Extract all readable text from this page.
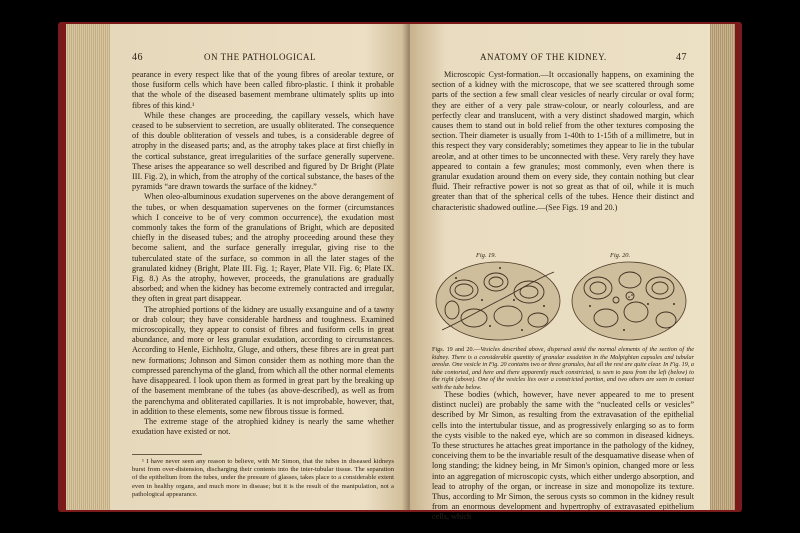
46	ON THE PATHOLOGICAL

pearance in every respect like that of the young fibres of areolar texture, or those fusiform cells which have been called fibro-plastic. I think it probable that the whole of the diseased basement membrane ultimately splits up into fibres of this kind.¹

While these changes are proceeding, the capillary vessels, which have ceased to be subservient to secretion, are usually obliterated. The consequence of this double obliteration of vessels and tubes, is a considerable degree of atrophy in the diseased parts; and, as the atrophy takes place at first chiefly in the cortical substance, great irregularities of the surface generally supervene. These arises the appearance so well described and figured by Dr Bright (Plate III. Fig. 2), in which, from the atrophy of the cortical substance, the bases of the pyramids “are drawn towards the surface of the kidney.”

When oleo-albuminous exudation supervenes on the above derangement of the tubes, or when desquamation supervenes on the former (circumstances which I conceive to be of very common occurrence), the exudation most commonly takes the form of the granulations of Bright, which are deposited chiefly in the diseased tubes; and the atrophy proceeding around these they become salient, and the surface generally irregular, giving rise to the tuberculated state of the surface, so common in all the later stages of the granulated kidney (Bright, Plate III. Fig. 1; Rayer, Plate VII. Fig. 6; Plate IX. Fig. 8.) As the atrophy, however, proceeds, the granulations are gradually absorbed; and when the kidney has become extremely contracted and irregular, they often in great part disappear.

The atrophied portions of the kidney are usually exsanguine and of a tawny or drab colour; they have considerable hardness and toughness. Examined microscopically, they appear to consist of fibres and fusiform cells in great abundance, and more or less granular exudation, according to circumstances. According to Henle, Eichholtz, Gluge, and others, these fibres are in great part new formations; Johnson and Simon consider them as nothing more than the compressed parenchyma of the gland, from which all the other normal elements have disappeared. I look upon them as formed in great part by the breaking up of the basement membrane of the tubes (as above-described), as well as from the parenchyma and obliterated capillaries. It is not improbable, however, that, in addition to these elements, some new fibrous tissue is formed.

The extreme stage of the atrophied kidney is nearly the same whether exudation have existed or not.

¹ I have never seen any reason to believe, with Mr Simon, that the tubes in diseased kidneys burst from over-distension, discharging their contents into the inter-tubular tissue. The separation of the epithelium from the tubes, under the pressure of glasses, takes place to a considerable extent even in healthy organs, and much more in disease; but it is the result of the manipulation, not a pathological appearance.

ANATOMY OF THE KIDNEY.	47

Microscopic Cyst-formation.—It occasionally happens, on examining the section of a kidney with the microscope, that we see scattered through some parts of the section a few small clear vesicles of nearly circular or oval form; they are either of a very pale straw-colour, or nearly colourless, and are perfectly clear and translucent, with a very distinct shadowed margin, which causes them to stand out in bold relief from the other textures composing the section. Their diameter is usually from 1-40th to 1-15th of a millimetre, but in this respect they vary considerably; sometimes they appear to lie in the tubular areolæ, and at other times to be unconnected with these. Very rarely they have appeared to contain a few granules; most commonly, even when there is granular exudation around them on every side, they contain nothing but clear fluid. Their refractive power is not so great as that of oil, while it is much greater than that of the spherical cells of the tubes. Hence their distinct and characteristic shadowed outline.—(See Figs. 19 and 20.)

Fig. 19.	Fig. 20.
Figs. 19 and 20.—Vesicles described above, dispersed amid the normal elements of the section of the kidney. There is a considerable quantity of granular exudation in the Malpighian capsules and tubular areolæ. One vesicle in Fig. 20 contains two or three granules, but all the rest are quite clear. In Fig. 19, a tube contorted, and here and there apparently much constricted, is seen to pass from the left (below) to the right (above). One of the vesicles lies over a constricted portion, and two others are seen in contact with the tube below.

These bodies (which, however, have never appeared to me to present distinct nuclei) are probably the same with the “nucleated cells or vesicles” described by Mr Simon, as resulting from the extravasation of the epithelial cells into the intertubular tissue, and as progressively enlarging so as to form the cysts visible to the naked eye, which are so common in diseased kidneys. To these structures he attaches great importance in the pathology of the kidney, conceiving them to be the invariable result of the desquamative disease when of long standing; the kidney being, in Mr Simon's opinion, changed more or less into an aggregation of microscopic cysts, which either undergo absorption, and lead to atrophy of the organ, or increase in size and monopolize its texture. Thus, according to Mr Simon, the serous cysts so common in the kidney result from an enormous development and hypertrophy of extravasated epithelium cells, which
